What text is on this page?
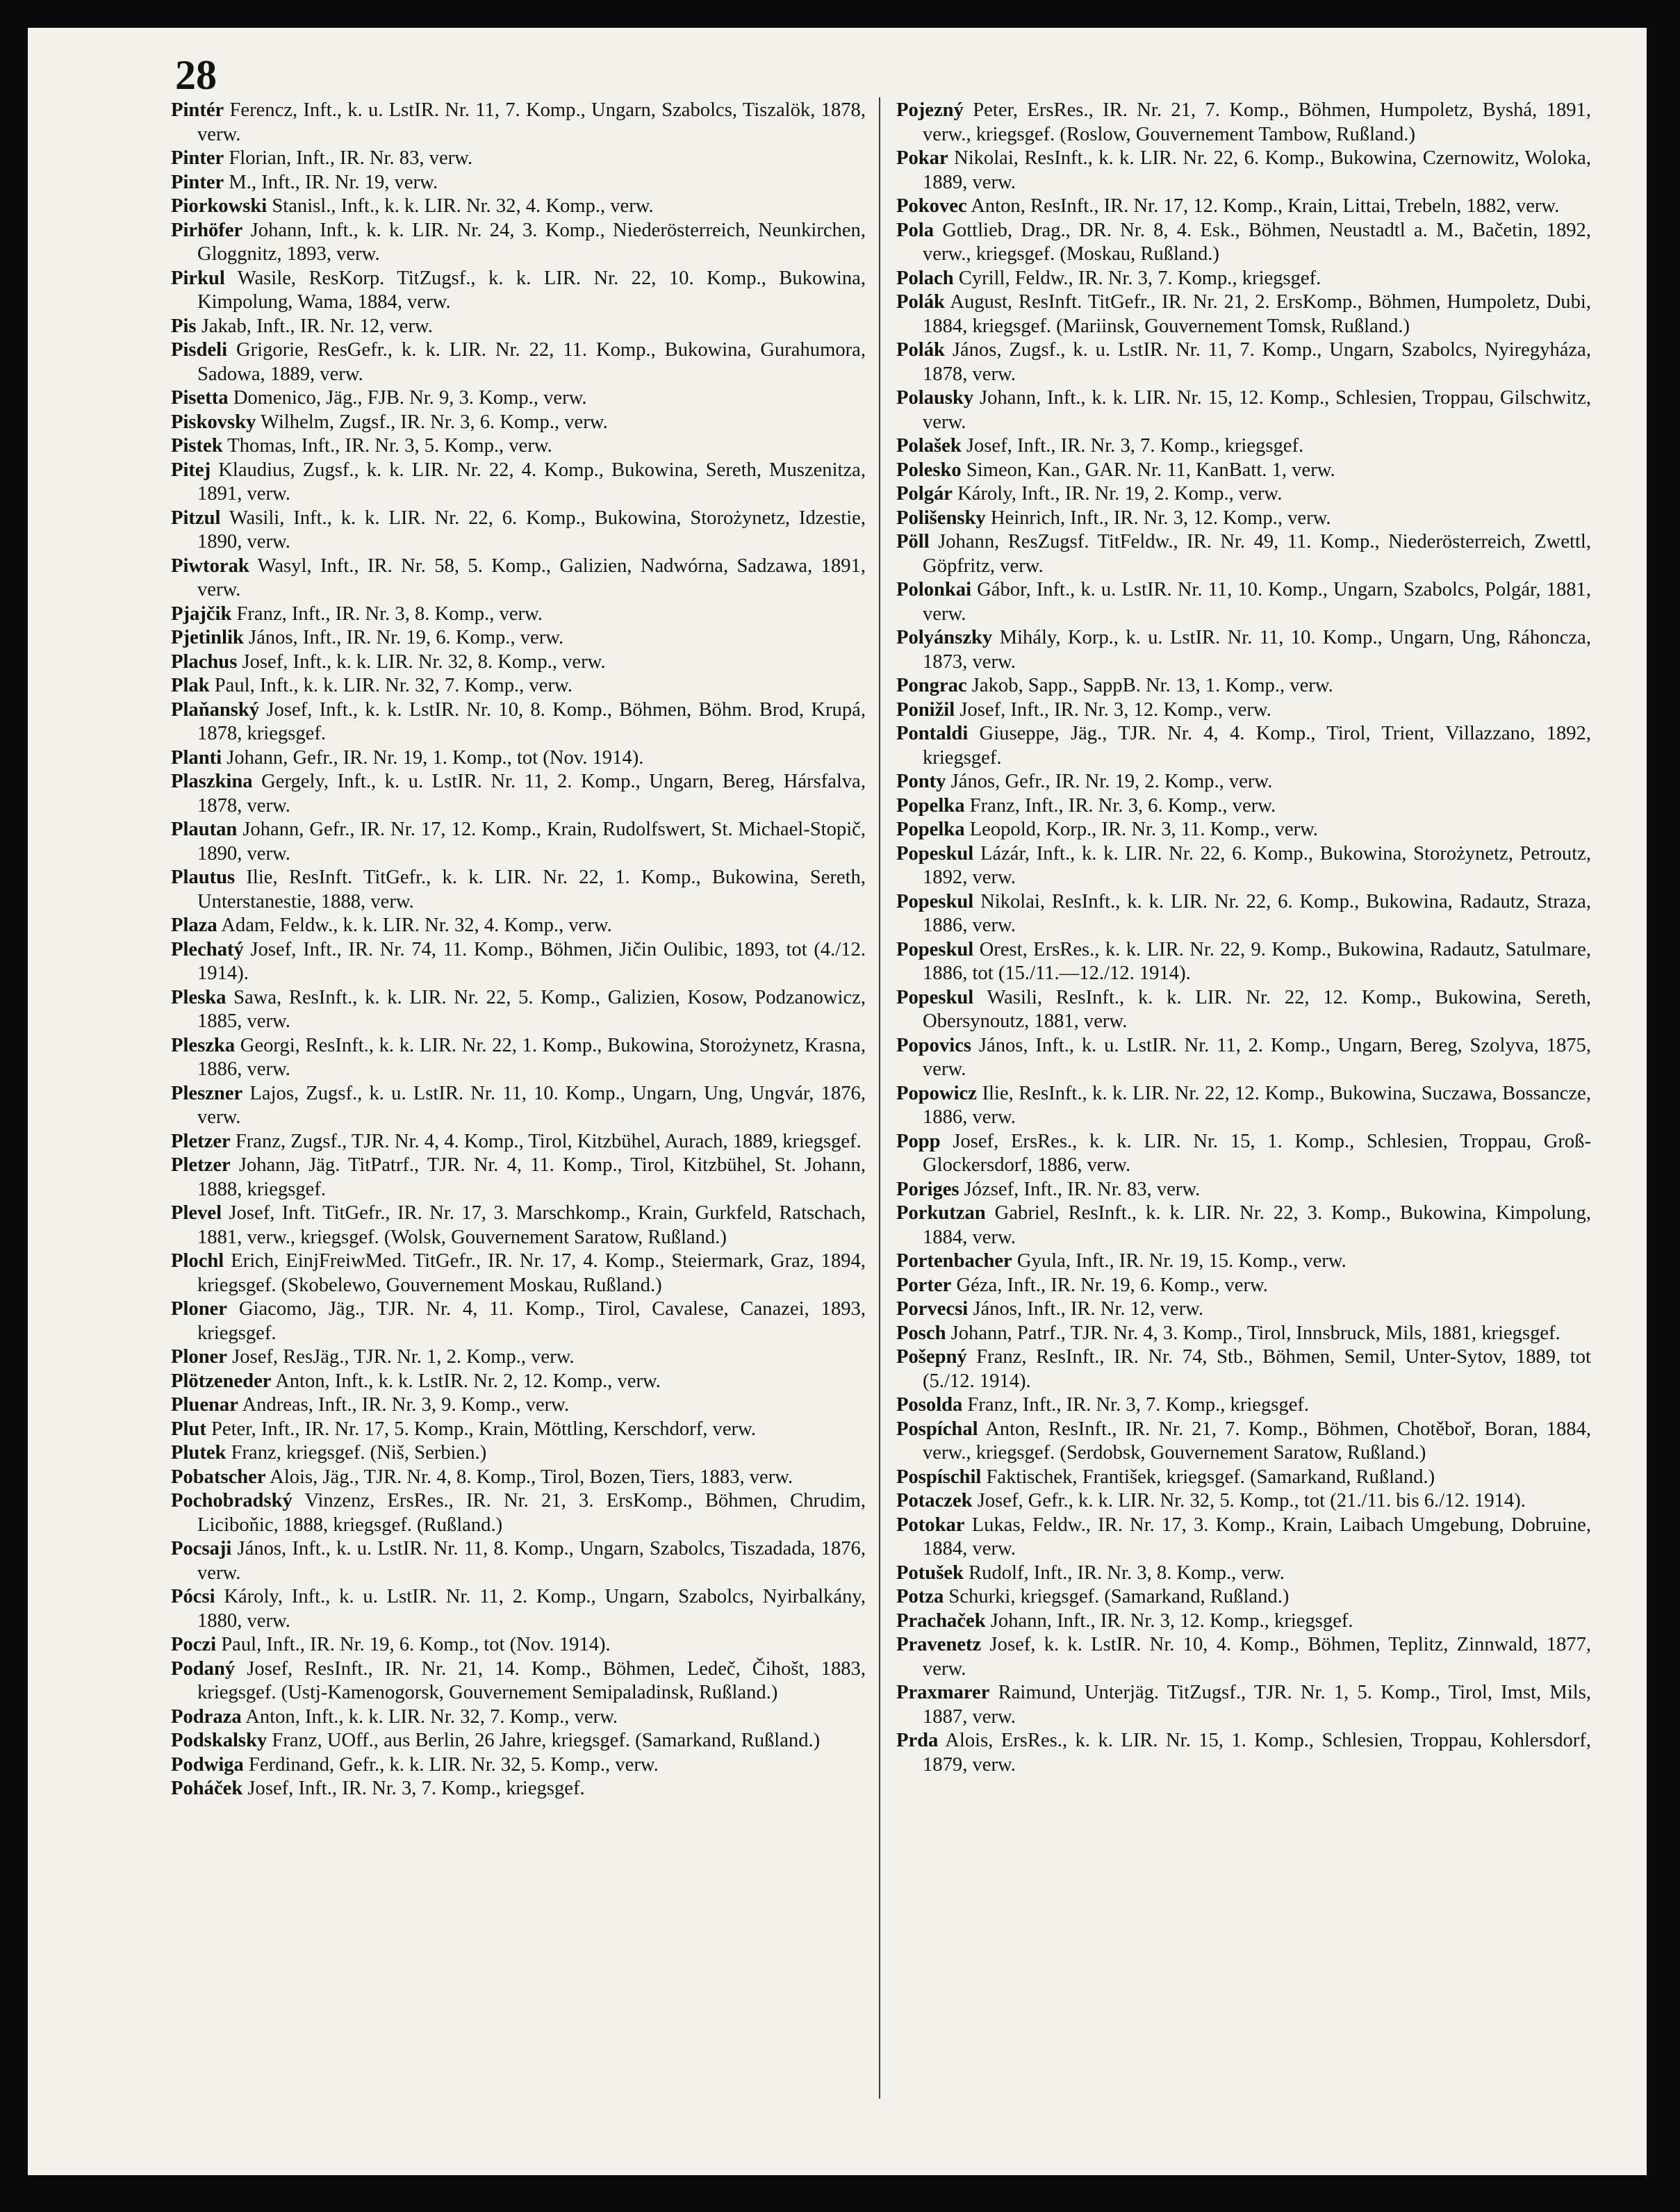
28

Pintér Ferencz, Inft., k. u. LstIR. Nr. 11, 7. Komp., Ungarn, Szabolcs, Tiszalök, 1878, verw.

Pinter Florian, Inft., IR. Nr. 83, verw.

Pinter M., Inft., IR. Nr. 19, verw.

Piorkowski Stanisl., Inft., k. k. LIR. Nr. 32, 4. Komp., verw.

Pirhöfer Johann, Inft., k. k. LIR. Nr. 24, 3. Komp., Niederösterreich, Neunkirchen, Gloggnitz, 1893, verw.

Pirkul Wasile, ResKorp. TitZugsf., k. k. LIR. Nr. 22, 10. Komp., Bukowina, Kimpolung, Wama, 1884, verw.

Pis Jakab, Inft., IR. Nr. 12, verw.

Pisdeli Grigorie, ResGefr., k. k. LIR. Nr. 22, 11. Komp., Bukowina, Gurahumora, Sadowa, 1889, verw.

Pisetta Domenico, Jäg., FJB. Nr. 9, 3. Komp., verw.

Piskovsky Wilhelm, Zugsf., IR. Nr. 3, 6. Komp., verw.

Pistek Thomas, Inft., IR. Nr. 3, 5. Komp., verw.

Pitej Klaudius, Zugsf., k. k. LIR. Nr. 22, 4. Komp., Bukowina, Sereth, Muszenitza, 1891, verw.

Pitzul Wasili, Inft., k. k. LIR. Nr. 22, 6. Komp., Bukowina, Storożynetz, Idzestie, 1890, verw.

Piwtorak Wasyl, Inft., IR. Nr. 58, 5. Komp., Galizien, Nadwórna, Sadzawa, 1891, verw.

Pjajčik Franz, Inft., IR. Nr. 3, 8. Komp., verw.

Pjetinlik János, Inft., IR. Nr. 19, 6. Komp., verw.

Plachus Josef, Inft., k. k. LIR. Nr. 32, 8. Komp., verw.

Plak Paul, Inft., k. k. LIR. Nr. 32, 7. Komp., verw.

Plaňanský Josef, Inft., k. k. LstIR. Nr. 10, 8. Komp., Böhmen, Böhm. Brod, Krupá, 1878, kriegsgef.

Planti Johann, Gefr., IR. Nr. 19, 1. Komp., tot (Nov. 1914).

Plaszkina Gergely, Inft., k. u. LstIR. Nr. 11, 2. Komp., Ungarn, Bereg, Hársfalva, 1878, verw.

Plautan Johann, Gefr., IR. Nr. 17, 12. Komp., Krain, Rudolfswert, St. Michael-Stopič, 1890, verw.

Plautus Ilie, ResInft. TitGefr., k. k. LIR. Nr. 22, 1. Komp., Bukowina, Sereth, Unterstanestie, 1888, verw.

Plaza Adam, Feldw., k. k. LIR. Nr. 32, 4. Komp., verw.

Plechatý Josef, Inft., IR. Nr. 74, 11. Komp., Böhmen, Jičin Oulibic, 1893, tot (4./12. 1914).

Pleska Sawa, ResInft., k. k. LIR. Nr. 22, 5. Komp., Galizien, Kosow, Podzanowicz, 1885, verw.

Pleszka Georgi, ResInft., k. k. LIR. Nr. 22, 1. Komp., Bukowina, Storożynetz, Krasna, 1886, verw.

Pleszner Lajos, Zugsf., k. u. LstIR. Nr. 11, 10. Komp., Ungarn, Ung, Ungvár, 1876, verw.

Pletzer Franz, Zugsf., TJR. Nr. 4, 4. Komp., Tirol, Kitzbühel, Aurach, 1889, kriegsgef.

Pletzer Johann, Jäg. TitPatrf., TJR. Nr. 4, 11. Komp., Tirol, Kitzbühel, St. Johann, 1888, kriegsgef.

Plevel Josef, Inft. TitGefr., IR. Nr. 17, 3. Marschkomp., Krain, Gurkfeld, Ratschach, 1881, verw., kriegsgef. (Wolsk, Gouvernement Saratow, Rußland.)

Plochl Erich, EinjFreiwMed. TitGefr., IR. Nr. 17, 4. Komp., Steiermark, Graz, 1894, kriegsgef. (Skobelewo, Gouvernement Moskau, Rußland.)

Ploner Giacomo, Jäg., TJR. Nr. 4, 11. Komp., Tirol, Cavalese, Canazei, 1893, kriegsgef.

Ploner Josef, ResJäg., TJR. Nr. 1, 2. Komp., verw.

Plötzeneder Anton, Inft., k. k. LstIR. Nr. 2, 12. Komp., verw.

Pluenar Andreas, Inft., IR. Nr. 3, 9. Komp., verw.

Plut Peter, Inft., IR. Nr. 17, 5. Komp., Krain, Möttling, Kerschdorf, verw.

Plutek Franz, kriegsgef. (Niš, Serbien.)

Pobatscher Alois, Jäg., TJR. Nr. 4, 8. Komp., Tirol, Bozen, Tiers, 1883, verw.

Pochobradský Vinzenz, ErsRes., IR. Nr. 21, 3. ErsKomp., Böhmen, Chrudim, Liciboňic, 1888, kriegsgef. (Rußland.)

Pocsaji János, Inft., k. u. LstIR. Nr. 11, 8. Komp., Ungarn, Szabolcs, Tiszadada, 1876, verw.

Pócsi Károly, Inft., k. u. LstIR. Nr. 11, 2. Komp., Ungarn, Szabolcs, Nyirbalkány, 1880, verw.

Poczi Paul, Inft., IR. Nr. 19, 6. Komp., tot (Nov. 1914).

Podaný Josef, ResInft., IR. Nr. 21, 14. Komp., Böhmen, Ledeč, Čihošt, 1883, kriegsgef. (Ustj-Kamenogorsk, Gouvernement Semipaladinsk, Rußland.)

Podraza Anton, Inft., k. k. LIR. Nr. 32, 7. Komp., verw.

Podskalsky Franz, UOff., aus Berlin, 26 Jahre, kriegsgef. (Samarkand, Rußland.)

Podwiga Ferdinand, Gefr., k. k. LIR. Nr. 32, 5. Komp., verw.

Poháček Josef, Inft., IR. Nr. 3, 7. Komp., kriegsgef.

Pojezný Peter, ErsRes., IR. Nr. 21, 7. Komp., Böhmen, Humpoletz, Byshá, 1891, verw., kriegsgef. (Roslow, Gouvernement Tambow, Rußland.)

Pokar Nikolai, ResInft., k. k. LIR. Nr. 22, 6. Komp., Bukowina, Czernowitz, Woloka, 1889, verw.

Pokovec Anton, ResInft., IR. Nr. 17, 12. Komp., Krain, Littai, Trebeln, 1882, verw.

Pola Gottlieb, Drag., DR. Nr. 8, 4. Esk., Böhmen, Neustadtl a. M., Bačetin, 1892, verw., kriegsgef. (Moskau, Rußland.)

Polach Cyrill, Feldw., IR. Nr. 3, 7. Komp., kriegsgef.

Polák August, ResInft. TitGefr., IR. Nr. 21, 2. ErsKomp., Böhmen, Humpoletz, Dubi, 1884, kriegsgef. (Mariinsk, Gouvernement Tomsk, Rußland.)

Polák János, Zugsf., k. u. LstIR. Nr. 11, 7. Komp., Ungarn, Szabolcs, Nyiregyháza, 1878, verw.

Polausky Johann, Inft., k. k. LIR. Nr. 15, 12. Komp., Schlesien, Troppau, Gilschwitz, verw.

Polašek Josef, Inft., IR. Nr. 3, 7. Komp., kriegsgef.

Polesko Simeon, Kan., GAR. Nr. 11, KanBatt. 1, verw.

Polgár Károly, Inft., IR. Nr. 19, 2. Komp., verw.

Polišensky Heinrich, Inft., IR. Nr. 3, 12. Komp., verw.

Pöll Johann, ResZugsf. TitFeldw., IR. Nr. 49, 11. Komp., Niederösterreich, Zwettl, Göpfritz, verw.

Polonkai Gábor, Inft., k. u. LstIR. Nr. 11, 10. Komp., Ungarn, Szabolcs, Polgár, 1881, verw.

Polyánszky Mihály, Korp., k. u. LstIR. Nr. 11, 10. Komp., Ungarn, Ung, Ráhoncza, 1873, verw.

Pongrac Jakob, Sapp., SappB. Nr. 13, 1. Komp., verw.

Ponižil Josef, Inft., IR. Nr. 3, 12. Komp., verw.

Pontaldi Giuseppe, Jäg., TJR. Nr. 4, 4. Komp., Tirol, Trient, Villazzano, 1892, kriegsgef.

Ponty János, Gefr., IR. Nr. 19, 2. Komp., verw.

Popelka Franz, Inft., IR. Nr. 3, 6. Komp., verw.

Popelka Leopold, Korp., IR. Nr. 3, 11. Komp., verw.

Popeskul Lázár, Inft., k. k. LIR. Nr. 22, 6. Komp., Bukowina, Storożynetz, Petroutz, 1892, verw.

Popeskul Nikolai, ResInft., k. k. LIR. Nr. 22, 6. Komp., Bukowina, Radautz, Straza, 1886, verw.

Popeskul Orest, ErsRes., k. k. LIR. Nr. 22, 9. Komp., Bukowina, Radautz, Satulmare, 1886, tot (15./11.—12./12. 1914).

Popeskul Wasili, ResInft., k. k. LIR. Nr. 22, 12. Komp., Bukowina, Sereth, Obersynoutz, 1881, verw.

Popovics János, Inft., k. u. LstIR. Nr. 11, 2. Komp., Ungarn, Bereg, Szolyva, 1875, verw.

Popowicz Ilie, ResInft., k. k. LIR. Nr. 22, 12. Komp., Bukowina, Suczawa, Bossancze, 1886, verw.

Popp Josef, ErsRes., k. k. LIR. Nr. 15, 1. Komp., Schlesien, Troppau, Groß-Glockersdorf, 1886, verw.

Poriges József, Inft., IR. Nr. 83, verw.

Porkutzan Gabriel, ResInft., k. k. LIR. Nr. 22, 3. Komp., Bukowina, Kimpolung, 1884, verw.

Portenbacher Gyula, Inft., IR. Nr. 19, 15. Komp., verw.

Porter Géza, Inft., IR. Nr. 19, 6. Komp., verw.

Porvecsi János, Inft., IR. Nr. 12, verw.

Posch Johann, Patrf., TJR. Nr. 4, 3. Komp., Tirol, Innsbruck, Mils, 1881, kriegsgef.

Pošepný Franz, ResInft., IR. Nr. 74, Stb., Böhmen, Semil, Unter-Sytov, 1889, tot (5./12. 1914).

Posolda Franz, Inft., IR. Nr. 3, 7. Komp., kriegsgef.

Pospíchal Anton, ResInft., IR. Nr. 21, 7. Komp., Böhmen, Chotěboř, Boran, 1884, verw., kriegsgef. (Serdobsk, Gouvernement Saratow, Rußland.)

Pospíschil Faktischek, František, kriegsgef. (Samarkand, Rußland.)

Potaczek Josef, Gefr., k. k. LIR. Nr. 32, 5. Komp., tot (21./11. bis 6./12. 1914).

Potokar Lukas, Feldw., IR. Nr. 17, 3. Komp., Krain, Laibach Umgebung, Dobruine, 1884, verw.

Potušek Rudolf, Inft., IR. Nr. 3, 8. Komp., verw.

Potza Schurki, kriegsgef. (Samarkand, Rußland.)

Prachaček Johann, Inft., IR. Nr. 3, 12. Komp., kriegsgef.

Pravenetz Josef, k. k. LstIR. Nr. 10, 4. Komp., Böhmen, Teplitz, Zinnwald, 1877, verw.

Praxmarer Raimund, Unterjäg. TitZugsf., TJR. Nr. 1, 5. Komp., Tirol, Imst, Mils, 1887, verw.

Prda Alois, ErsRes., k. k. LIR. Nr. 15, 1. Komp., Schlesien, Troppau, Kohlersdorf, 1879, verw.
